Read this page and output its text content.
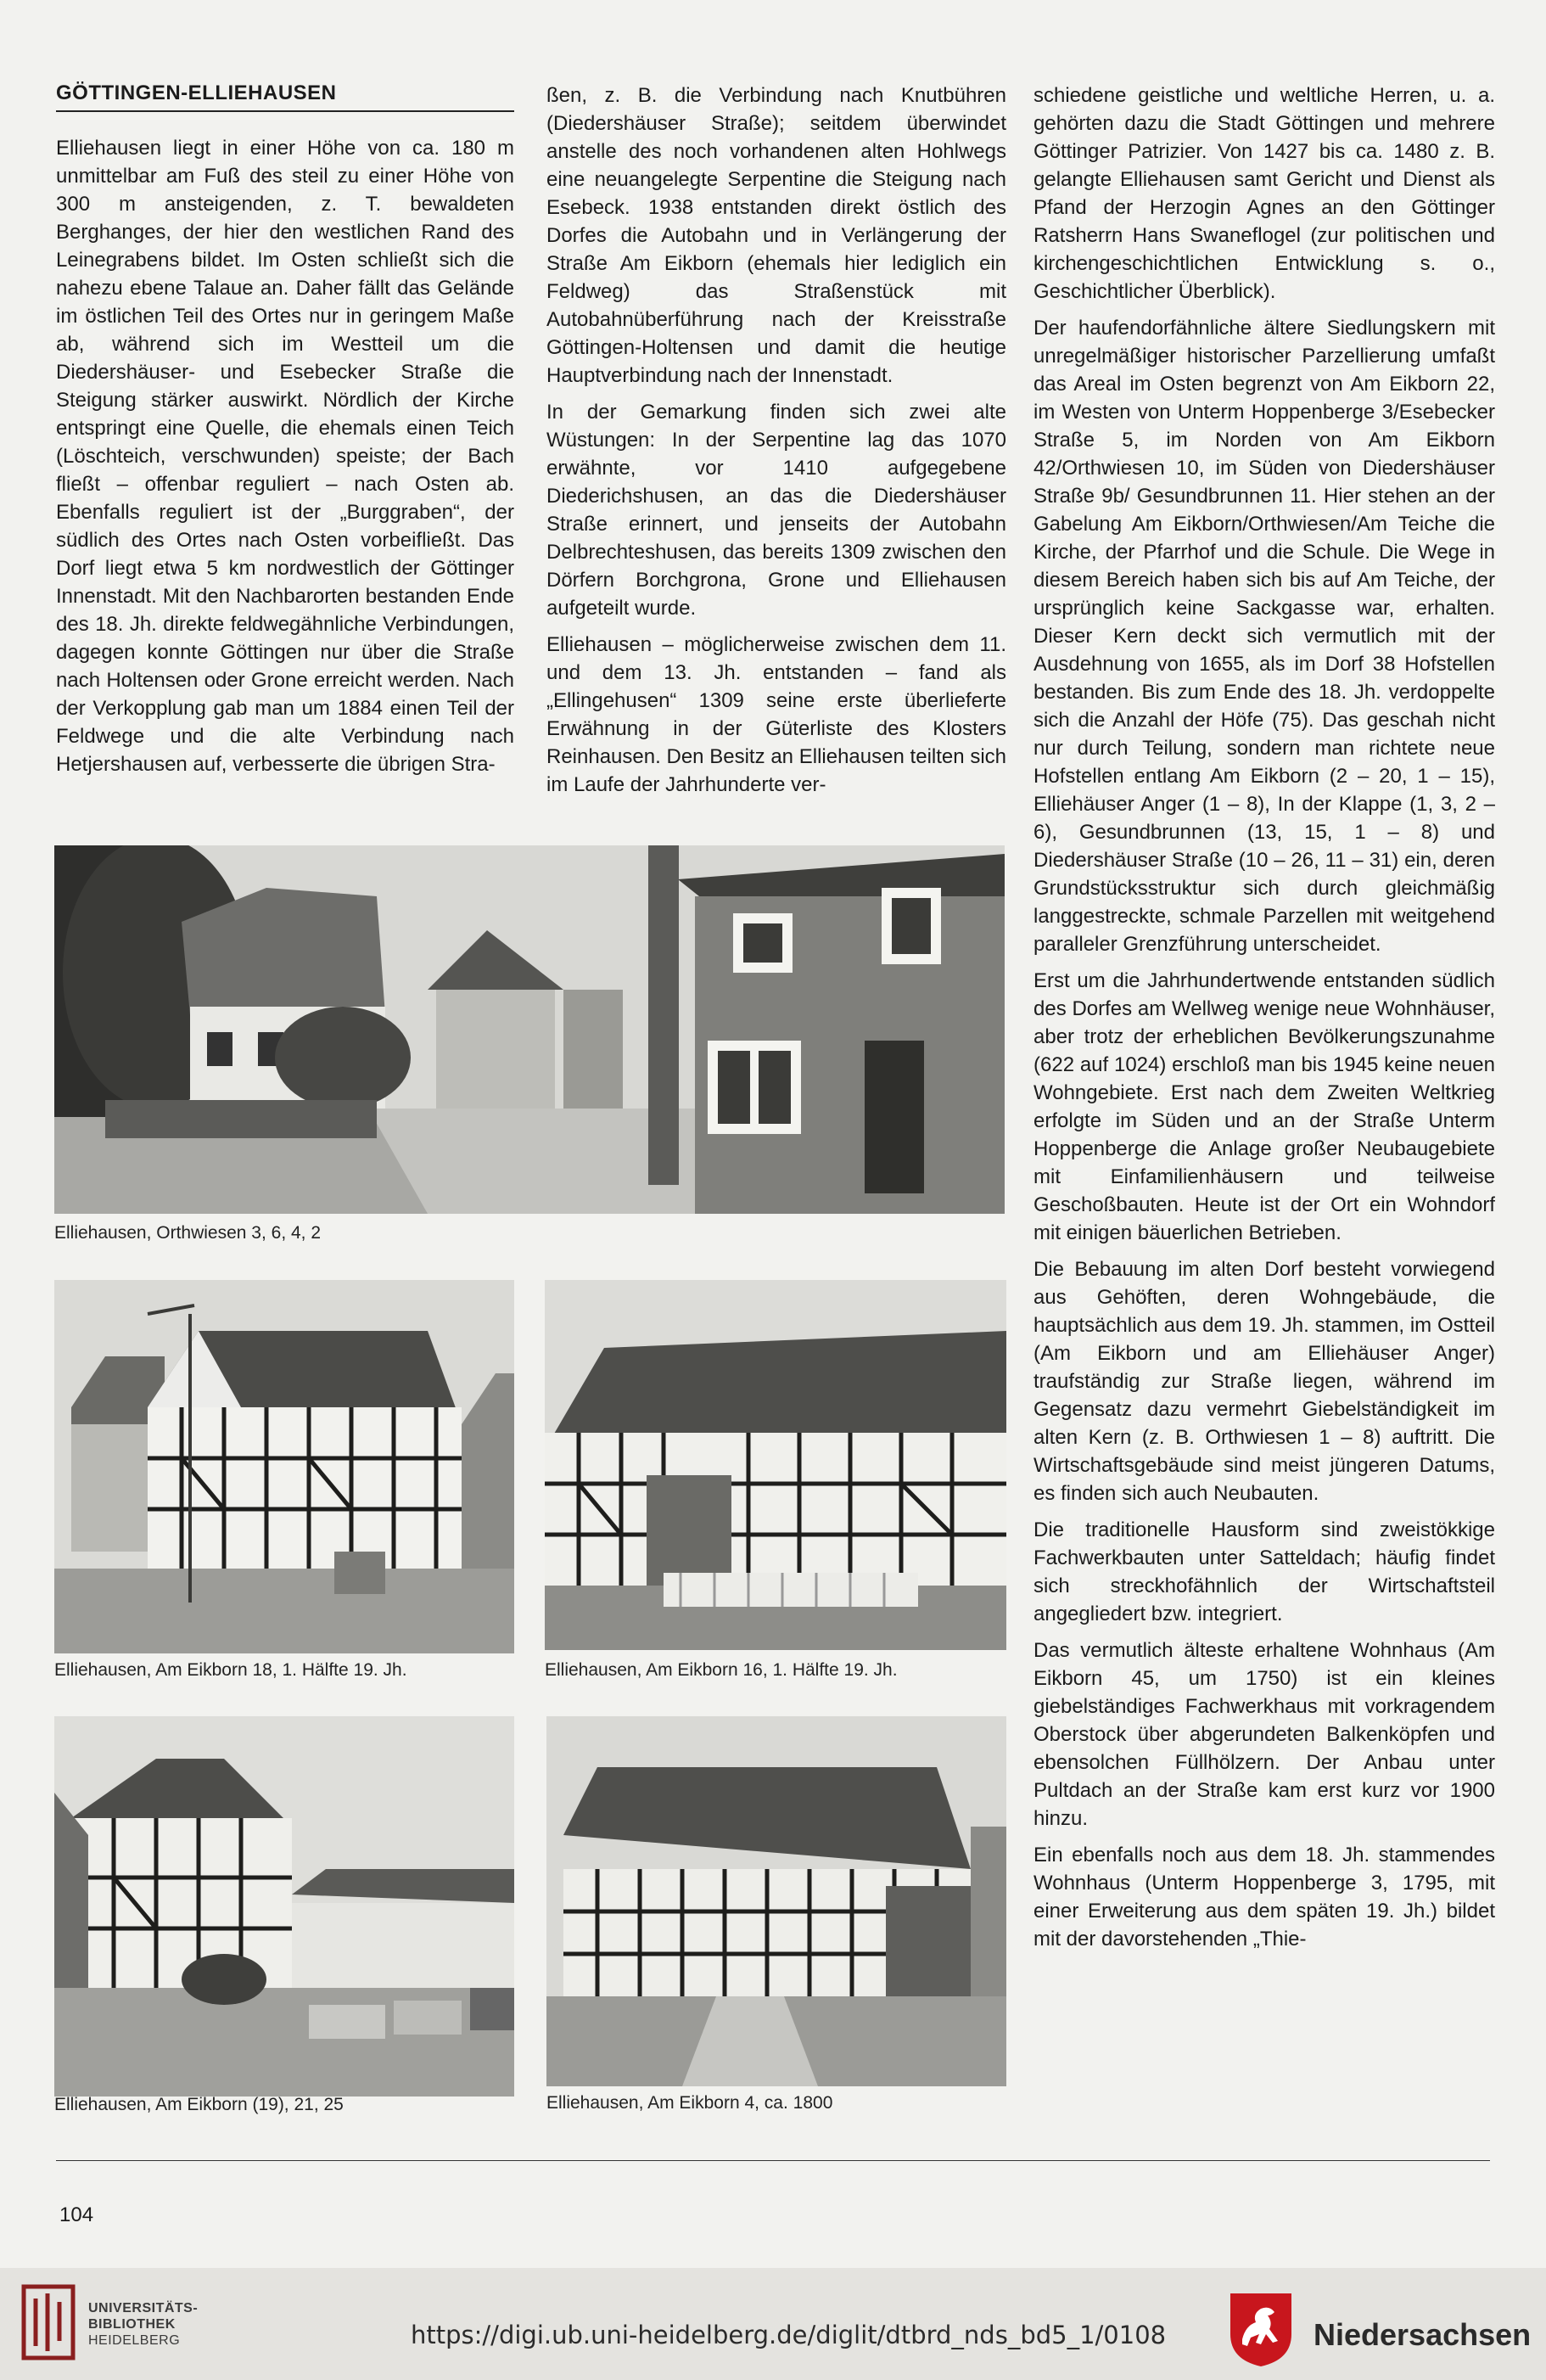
GÖTTINGEN-ELLIEHAUSEN

Elliehausen liegt in einer Höhe von ca. 180 m unmittelbar am Fuß des steil zu einer Höhe von 300 m ansteigenden, z. T. bewaldeten Berghanges, der hier den westlichen Rand des Leinegrabens bildet. Im Osten schließt sich die nahezu ebene Talaue an. Daher fällt das Gelände im östlichen Teil des Ortes nur in geringem Maße ab, während sich im Westteil um die Diedershäuser- und Esebecker Straße die Steigung stärker auswirkt. Nördlich der Kirche entspringt eine Quelle, die ehemals einen Teich (Löschteich, verschwunden) speiste; der Bach fließt – offenbar reguliert – nach Osten ab. Ebenfalls reguliert ist der „Burggraben“, der südlich des Ortes nach Osten vorbeifließt. Das Dorf liegt etwa 5 km nordwestlich der Göttinger Innenstadt. Mit den Nachbarorten bestanden Ende des 18. Jh. direkte feldwegähnliche Verbindungen, dagegen konnte Göttingen nur über die Straße nach Holtensen oder Grone erreicht werden. Nach der Verkopplung gab man um 1884 einen Teil der Feldwege und die alte Verbindung nach Hetjershausen auf, verbesserte die übrigen Stra-

ßen, z. B. die Verbindung nach Knutbühren (Diedershäuser Straße); seitdem überwindet anstelle des noch vorhandenen alten Hohlwegs eine neuangelegte Serpentine die Steigung nach Esebeck. 1938 entstanden direkt östlich des Dorfes die Autobahn und in Verlängerung der Straße Am Eikborn (ehemals hier lediglich ein Feldweg) das Straßenstück mit Autobahnüberführung nach der Kreisstraße Göttingen-Holtensen und damit die heutige Hauptverbindung nach der Innenstadt.

In der Gemarkung finden sich zwei alte Wüstungen: In der Serpentine lag das 1070 erwähnte, vor 1410 aufgegebene Diederichshusen, an das die Diedershäuser Straße erinnert, und jenseits der Autobahn Delbrechteshusen, das bereits 1309 zwischen den Dörfern Borchgrona, Grone und Elliehausen aufgeteilt wurde.

Elliehausen – möglicherweise zwischen dem 11. und dem 13. Jh. entstanden – fand als „Ellingehusen“ 1309 seine erste überlieferte Erwähnung in der Güterliste des Klosters Reinhausen. Den Besitz an Elliehausen teilten sich im Laufe der Jahrhunderte ver-

schiedene geistliche und weltliche Herren, u. a. gehörten dazu die Stadt Göttingen und mehrere Göttinger Patrizier. Von 1427 bis ca. 1480 z. B. gelangte Elliehausen samt Gericht und Dienst als Pfand der Herzogin Agnes an den Göttinger Ratsherrn Hans Swaneflogel (zur politischen und kirchengeschichtlichen Entwicklung s. o., Geschichtlicher Überblick).

Der haufendorfähnliche ältere Siedlungskern mit unregelmäßiger historischer Parzellierung umfaßt das Areal im Osten begrenzt von Am Eikborn 22, im Westen von Unterm Hoppenberge 3/Esebecker Straße 5, im Norden von Am Eikborn 42/Orthwiesen 10, im Süden von Diedershäuser Straße 9b/ Gesundbrunnen 11. Hier stehen an der Gabelung Am Eikborn/Orthwiesen/Am Teiche die Kirche, der Pfarrhof und die Schule. Die Wege in diesem Bereich haben sich bis auf Am Teiche, der ursprünglich keine Sackgasse war, erhalten. Dieser Kern deckt sich vermutlich mit der Ausdehnung von 1655, als im Dorf 38 Hofstellen bestanden. Bis zum Ende des 18. Jh. verdoppelte sich die Anzahl der Höfe (75). Das geschah nicht nur durch Teilung, sondern man richtete neue Hofstellen entlang Am Eikborn (2 – 20, 1 – 15), Elliehäuser Anger (1 – 8), In der Klappe (1, 3, 2 – 6), Gesundbrunnen (13, 15, 1 – 8) und Diedershäuser Straße (10 – 26, 11 – 31) ein, deren Grundstücksstruktur sich durch gleichmäßig langgestreckte, schmale Parzellen mit weitgehend paralleler Grenzführung unterscheidet.

Erst um die Jahrhundertwende entstanden südlich des Dorfes am Wellweg wenige neue Wohnhäuser, aber trotz der erheblichen Bevölkerungszunahme (622 auf 1024) erschloß man bis 1945 keine neuen Wohngebiete. Erst nach dem Zweiten Weltkrieg erfolgte im Süden und an der Straße Unterm Hoppenberge die Anlage großer Neubaugebiete mit Einfamilienhäusern und teilweise Geschoßbauten. Heute ist der Ort ein Wohndorf mit einigen bäuerlichen Betrieben.

Die Bebauung im alten Dorf besteht vorwiegend aus Gehöften, deren Wohngebäude, die hauptsächlich aus dem 19. Jh. stammen, im Ostteil (Am Eikborn und am Elliehäuser Anger) traufständig zur Straße liegen, während im Gegensatz dazu vermehrt Giebelständigkeit im alten Kern (z. B. Orthwiesen 1 – 8) auftritt. Die Wirtschaftsgebäude sind meist jüngeren Datums, es finden sich auch Neubauten.

Die traditionelle Hausform sind zweistökkige Fachwerkbauten unter Satteldach; häufig findet sich streckhofähnlich der Wirtschaftsteil angegliedert bzw. integriert.

Das vermutlich älteste erhaltene Wohnhaus (Am Eikborn 45, um 1750) ist ein kleines giebelständiges Fachwerkhaus mit vorkragendem Oberstock über abgerundeten Balkenköpfen und ebensolchen Füllhölzern. Der Anbau unter Pultdach an der Straße kam erst kurz vor 1900 hinzu.

Ein ebenfalls noch aus dem 18. Jh. stammendes Wohnhaus (Unterm Hoppenberge 3, 1795, mit einer Erweiterung aus dem späten 19. Jh.) bildet mit der davorstehenden „Thie-

Elliehausen, Orthwiesen 3, 6, 4, 2
Elliehausen, Am Eikborn 18, 1. Hälfte 19. Jh.	Elliehausen, Am Eikborn 16, 1. Hälfte 19. Jh.
Elliehausen, Am Eikborn (19), 21, 25	Elliehausen, Am Eikborn 4, ca. 1800
104
UNIVERSITÄTS-
BIBLIOTHEK
HEIDELBERG	https://digi.ub.uni-heidelberg.de/diglit/dtbrd_nds_bd5_1/0108	Niedersachsen
